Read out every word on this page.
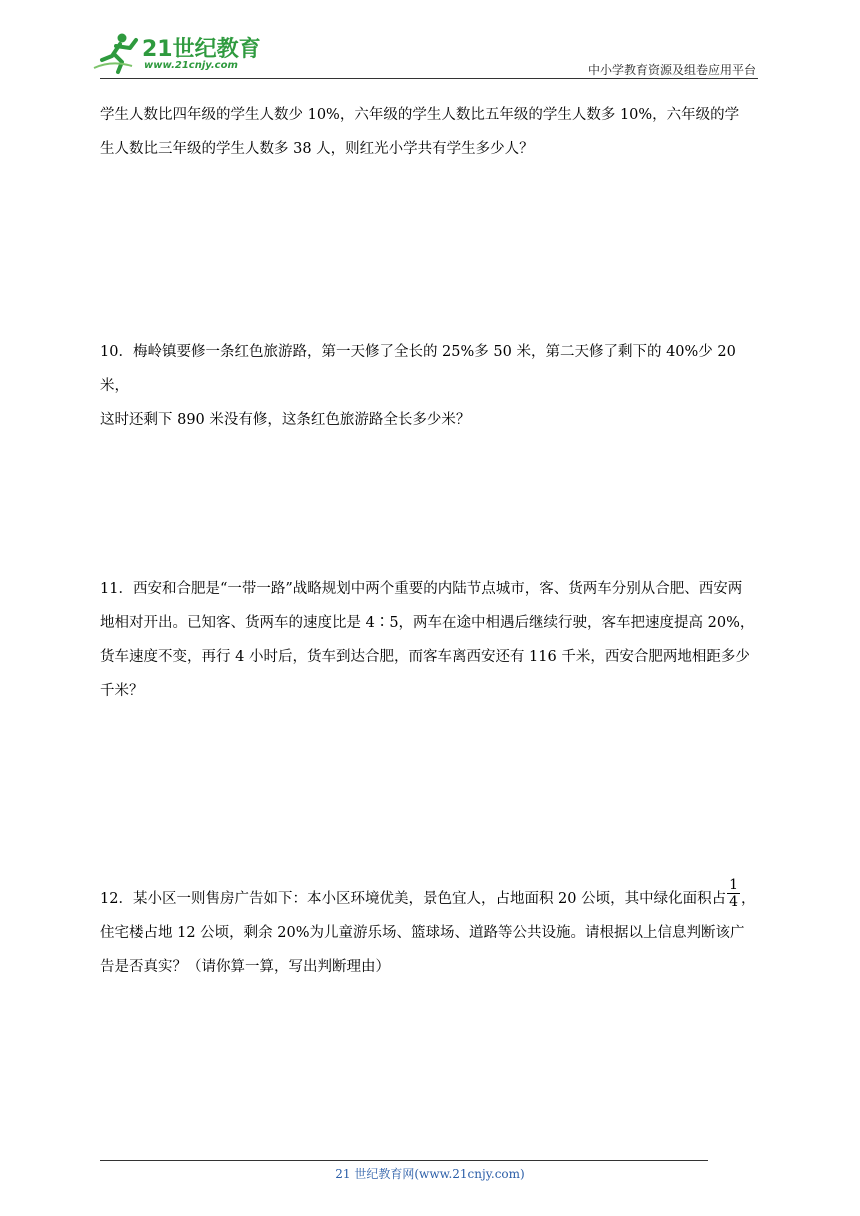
21世纪教育
www.21cnjy.com	中小学教育资源及组卷应用平台
学生人数比四年级的学生人数少 10%，六年级的学生人数比五年级的学生人数多 10%，六年级的学
生人数比三年级的学生人数多 38 人，则红光小学共有学生多少人？
10．梅岭镇要修一条红色旅游路，第一天修了全长的 25%多 50 米，第二天修了剩下的 40%少 20 米，
这时还剩下 890 米没有修，这条红色旅游路全长多少米？
11．西安和合肥是“一带一路”战略规划中两个重要的内陆节点城市，客、货两车分别从合肥、西安两
地相对开出。已知客、货两车的速度比是 4∶5，两车在途中相遇后继续行驶，客车把速度提高 20%，
货车速度不变，再行 4 小时后，货车到达合肥，而客车离西安还有 116 千米，西安合肥两地相距多少
千米？
12．某小区一则售房广告如下：本小区环境优美，景色宜人，占地面积 20 公顷，其中绿化面积占 $\frac{1}{4}$ ，
住宅楼占地 12 公顷，剩余 20%为儿童游乐场、篮球场、道路等公共设施。请根据以上信息判断该广
告是否真实？（请你算一算，写出判断理由）
21 世纪教育网(www.21cnjy.com)
